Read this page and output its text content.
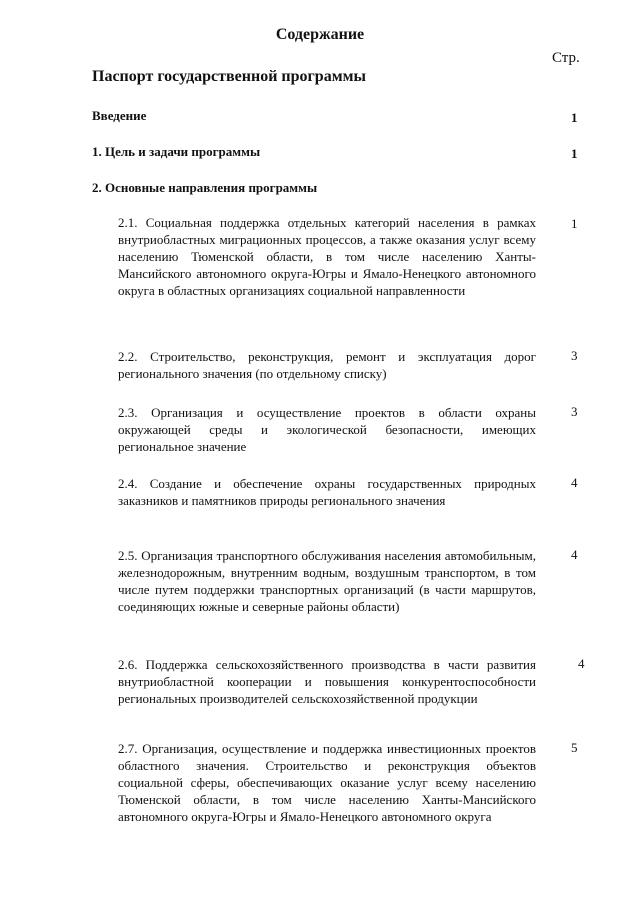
Содержание
Стр.
Паспорт государственной программы
Введение	1
1. Цель и задачи программы	1
2. Основные направления программы
2.1. Социальная поддержка отдельных категорий населения в рамках внутриобластных миграционных процессов, а также оказания услуг всему населению Тюменской области, в том числе населению Ханты-Мансийского автономного округа-Югры и Ямало-Ненецкого автономного округа в областных организациях социальной направленности
1
2.2. Строительство, реконструкция, ремонт и эксплуатация дорог регионального значения (по отдельному списку)
3
2.3. Организация и осуществление проектов в области охраны окружающей среды и экологической безопасности, имеющих региональное значение
3
2.4. Создание и обеспечение охраны государственных природных заказников и памятников природы регионального значения
4
2.5. Организация транспортного обслуживания населения автомобильным, железнодорожным, внутренним водным, воздушным транспортом, в том числе путем поддержки транспортных организаций (в части маршрутов, соединяющих южные и северные районы области)
4
2.6. Поддержка сельскохозяйственного производства в части развития внутриобластной кооперации и повышения конкурентоспособности региональных производителей сельскохозяйственной продукции
4
2.7. Организация, осуществление и поддержка инвестиционных проектов областного значения. Строительство и реконструкция объектов социальной сферы, обеспечивающих оказание услуг всему населению Тюменской области, в том числе населению Ханты-Мансийского автономного округа-Югры и Ямало-Ненецкого автономного округа
5
